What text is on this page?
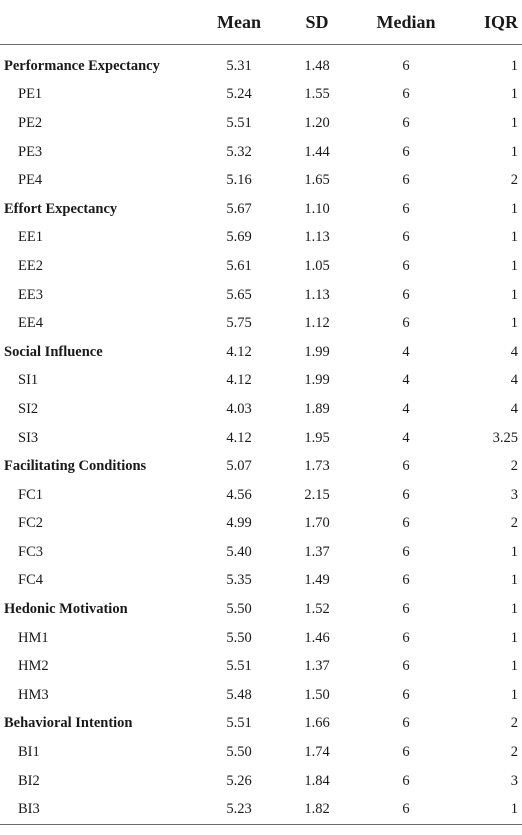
	Mean	SD	Median	IQR

Performance Expectancy	5.31	1.48	6	1
PE1	5.24	1.55	6	1
PE2	5.51	1.20	6	1
PE3	5.32	1.44	6	1
PE4	5.16	1.65	6	2
Effort Expectancy	5.67	1.10	6	1
EE1	5.69	1.13	6	1
EE2	5.61	1.05	6	1
EE3	5.65	1.13	6	1
EE4	5.75	1.12	6	1
Social Influence	4.12	1.99	4	4
SI1	4.12	1.99	4	4
SI2	4.03	1.89	4	4
SI3	4.12	1.95	4	3.25
Facilitating Conditions	5.07	1.73	6	2
FC1	4.56	2.15	6	3
FC2	4.99	1.70	6	2
FC3	5.40	1.37	6	1
FC4	5.35	1.49	6	1
Hedonic Motivation	5.50	1.52	6	1
HM1	5.50	1.46	6	1
HM2	5.51	1.37	6	1
HM3	5.48	1.50	6	1
Behavioral Intention	5.51	1.66	6	2
BI1	5.50	1.74	6	2
BI2	5.26	1.84	6	3
BI3	5.23	1.82	6	1
